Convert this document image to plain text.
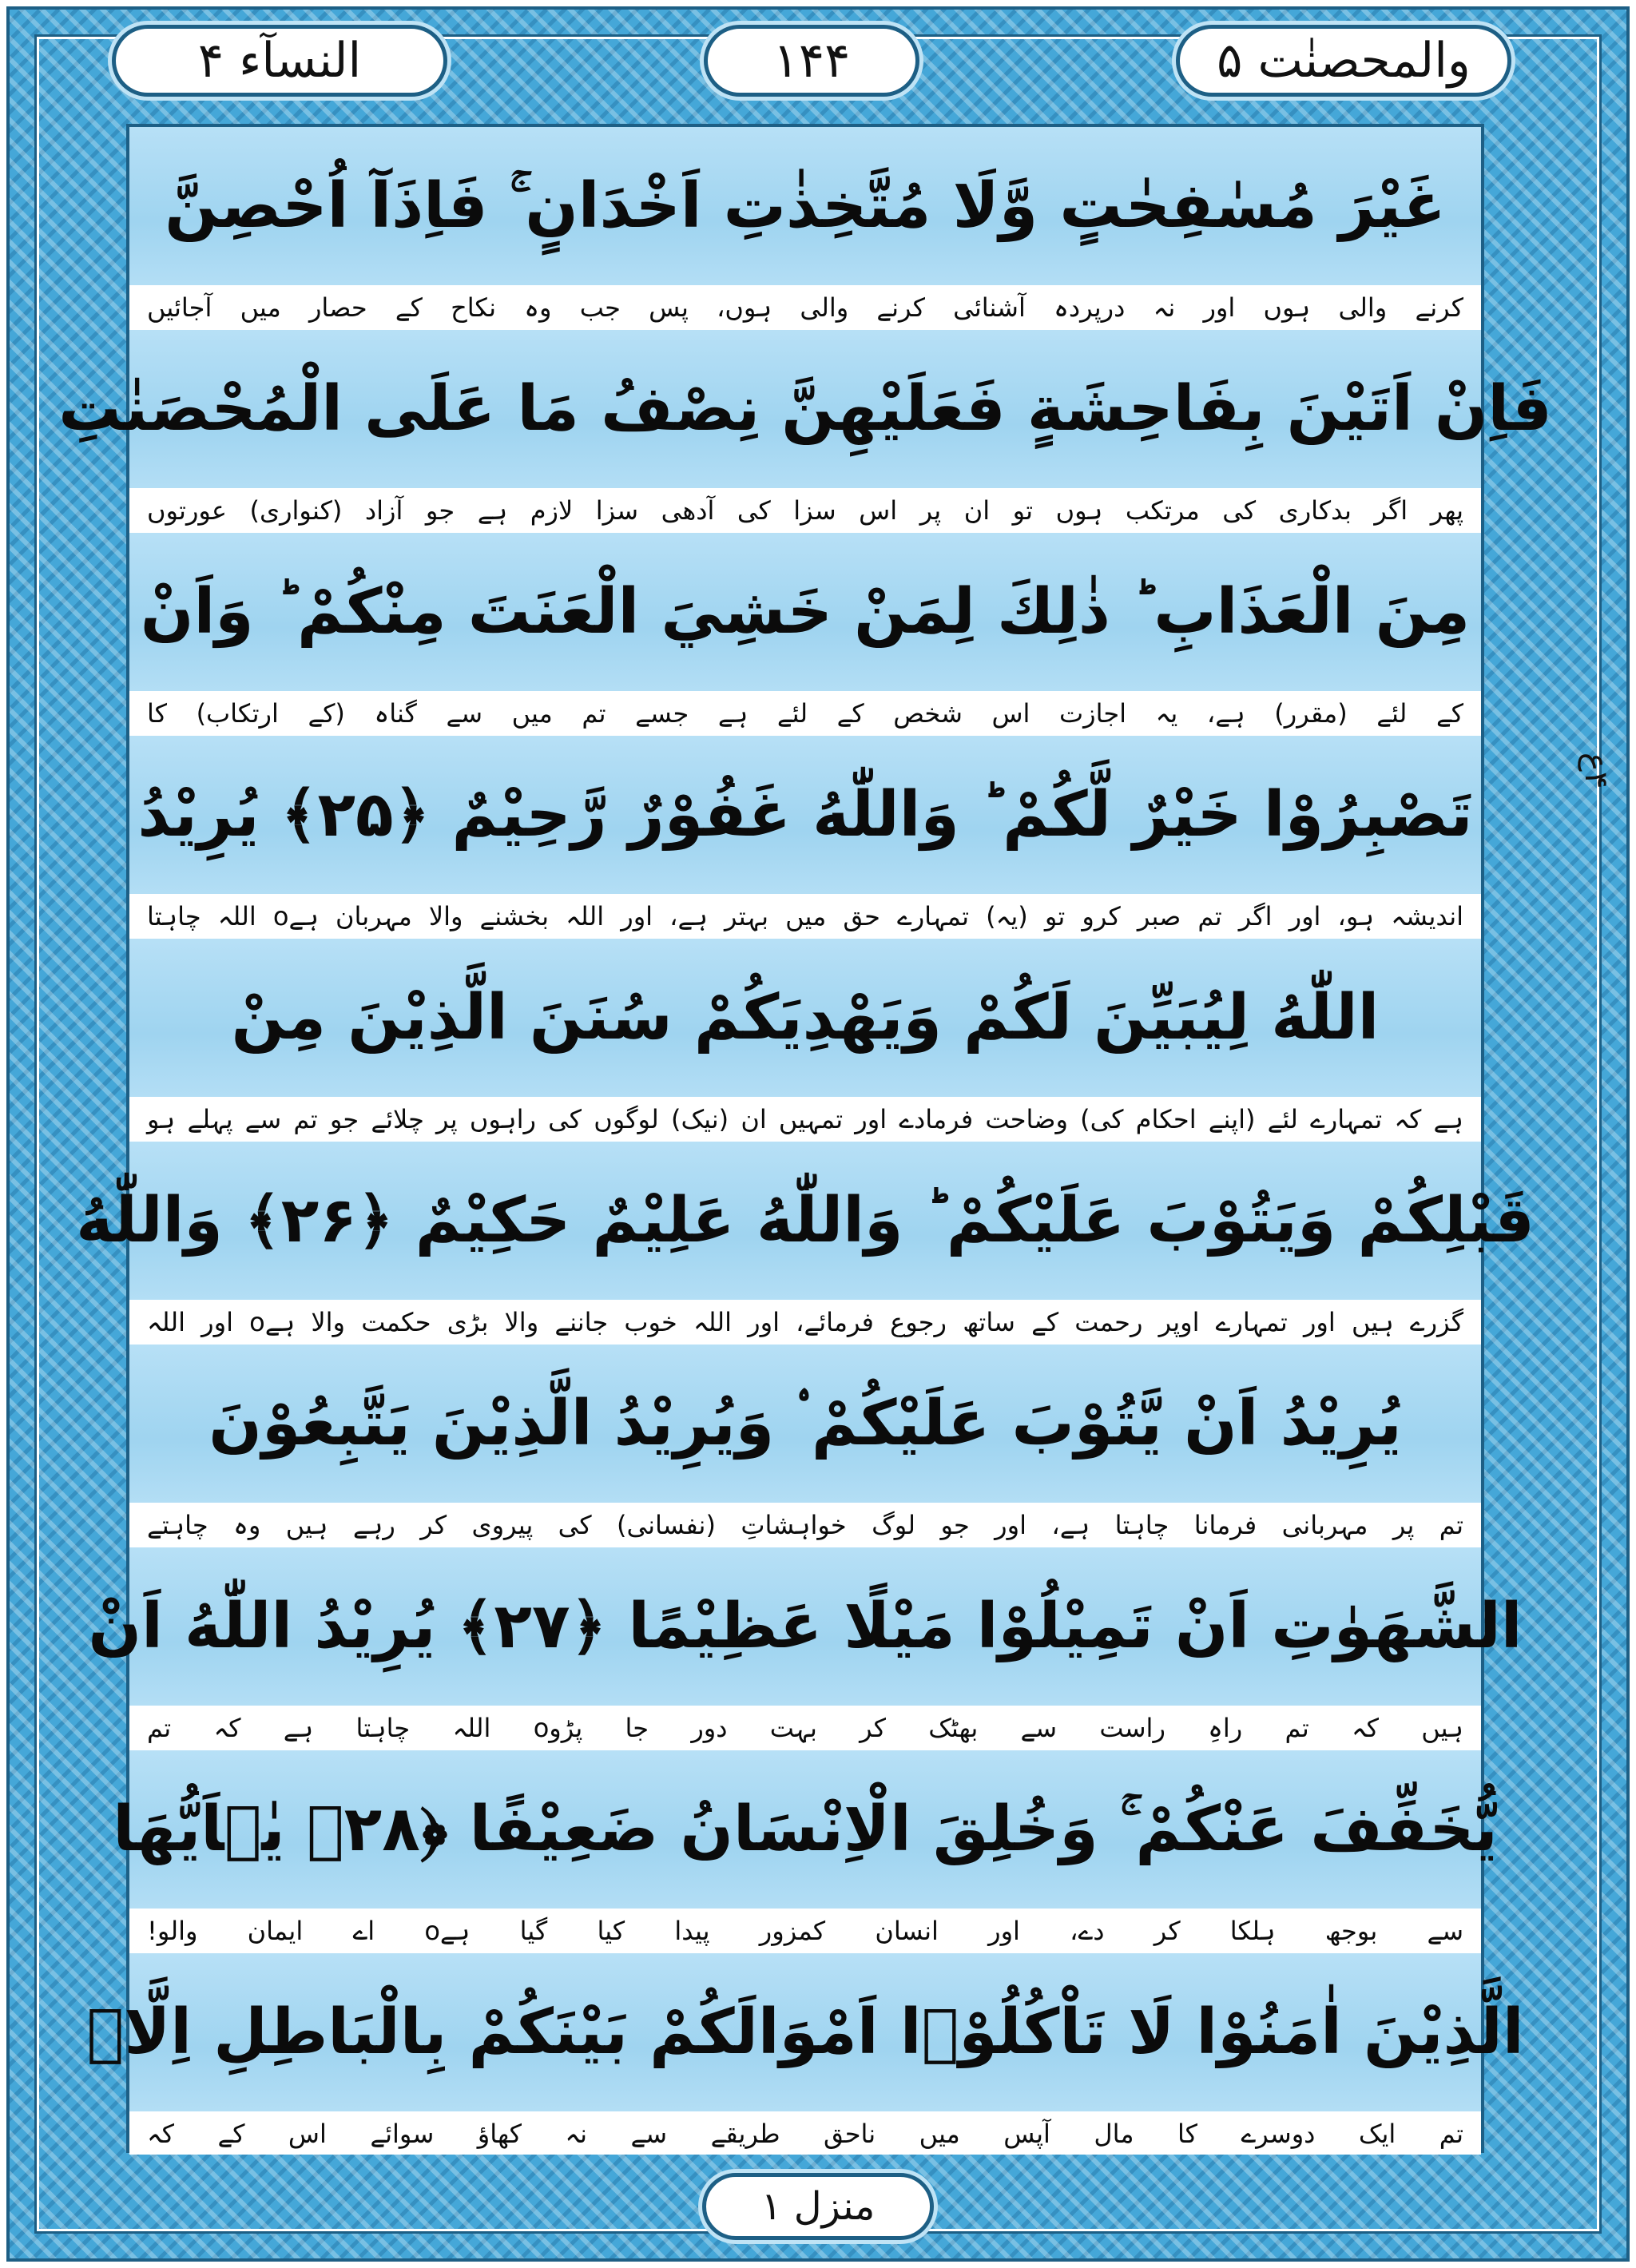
النسآء ۴	۱۴۴	والمحصنٰت ۵
غَيْرَ مُسٰفِحٰتٍ وَّلَا مُتَّخِذٰتِ اَخْدَانٍ ۚ فَاِذَآ اُحْصِنَّ
کرنے والی ہوں اور نہ درپردہ آشنائی کرنے والی ہوں، پس جب وہ نکاح کے حصار میں آجائیں
فَاِنْ اَتَيْنَ بِفَاحِشَةٍ فَعَلَيْهِنَّ نِصْفُ مَا عَلَى الْمُحْصَنٰتِ
پھر اگر بدکاری کی مرتکب ہوں تو ان پر اس سزا کی آدھی سزا لازم ہے جو آزاد (کنواری) عورتوں
مِنَ الْعَذَابِ ؕ ذٰلِكَ لِمَنْ خَشِيَ الْعَنَتَ مِنْكُمْ ؕ وَاَنْ
کے لئے (مقرر) ہے، یہ اجازت اس شخص کے لئے ہے جسے تم میں سے گناہ (کے ارتکاب) کا
تَصْبِرُوْا خَيْرٌ لَّكُمْ ؕ وَاللّٰهُ غَفُوْرٌ رَّحِيْمٌ ﴿۲۵﴾ يُرِيْدُ
اندیشہ ہو، اور اگر تم صبر کرو تو (یہ) تمہارے حق میں بہتر ہے، اور اللہ بخشنے والا مہربان ہےo اللہ چاہتا
اللّٰهُ لِيُبَيِّنَ لَكُمْ وَيَهْدِيَكُمْ سُنَنَ الَّذِيْنَ مِنْ
ہے کہ تمہارے لئے (اپنے احکام کی) وضاحت فرمادے اور تمہیں ان (نیک) لوگوں کی راہوں پر چلائے جو تم سے پہلے ہو
قَبْلِكُمْ وَيَتُوْبَ عَلَيْكُمْ ؕ وَاللّٰهُ عَلِيْمٌ حَكِيْمٌ ﴿۲۶﴾ وَاللّٰهُ
گزرے ہیں اور تمہارے اوپر رحمت کے ساتھ رجوع فرمائے، اور اللہ خوب جاننے والا بڑی حکمت والا ہےo اور اللہ
يُرِيْدُ اَنْ يَّتُوْبَ عَلَيْكُمْ ۟ وَيُرِيْدُ الَّذِيْنَ يَتَّبِعُوْنَ
تم پر مہربانی فرمانا چاہتا ہے، اور جو لوگ خواہشاتِ (نفسانی) کی پیروی کر رہے ہیں وہ چاہتے
الشَّهَوٰتِ اَنْ تَمِيْلُوْا مَيْلًا عَظِيْمًا ﴿۲۷﴾ يُرِيْدُ اللّٰهُ اَنْ
ہیں کہ تم راہِ راست سے بھٹک کر بہت دور جا پڑوo اللہ چاہتا ہے کہ تم
يُّخَفِّفَ عَنْكُمْ ۚ وَخُلِقَ الْاِنْسَانُ ضَعِيْفًا ﴿۲۸﴾ يٰۤاَيُّهَا
سے بوجھ ہلکا کر دے، اور انسان کمزور پیدا کیا گیا ہےo اے ایمان والو!
الَّذِيْنَ اٰمَنُوْا لَا تَاْكُلُوْۤا اَمْوَالَكُمْ بَيْنَكُمْ بِالْبَاطِلِ اِلَّاۤ
تم ایک دوسرے کا مال آپس میں ناحق طریقے سے نہ کھاؤ سوائے اس کے کہ
۴ع
منزل ۱
